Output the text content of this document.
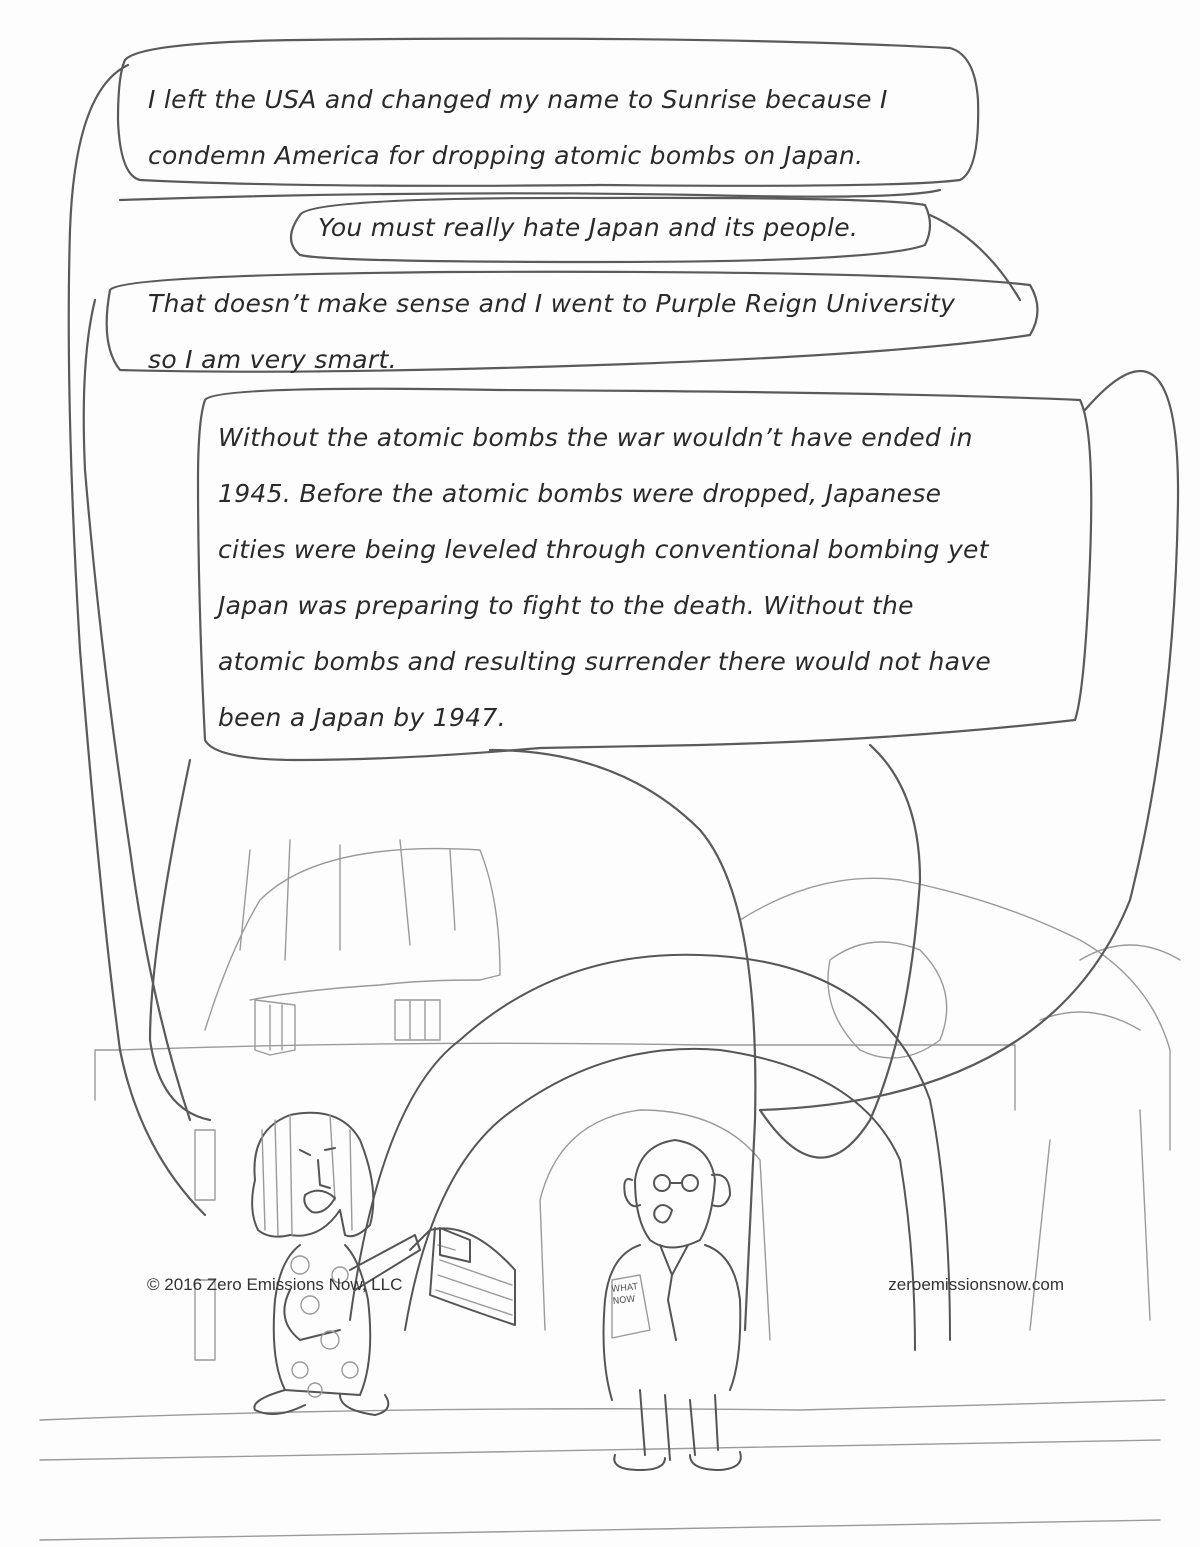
I left the USA and changed my name to Sunrise because I
condemn America for dropping atomic bombs on Japan.
You must really hate Japan and its people.
That doesn’t make sense and I went to Purple Reign University
so I am very smart.
Without the atomic bombs the war wouldn’t have ended in
1945. Before the atomic bombs were dropped, Japanese
cities were being leveled through conventional bombing yet
Japan was preparing to fight to the death. Without the
atomic bombs and resulting surrender there would not have
been a Japan by 1947.
WHAT
NOW
© 2016 Zero Emissions Now, LLC	zeroemissionsnow.com
